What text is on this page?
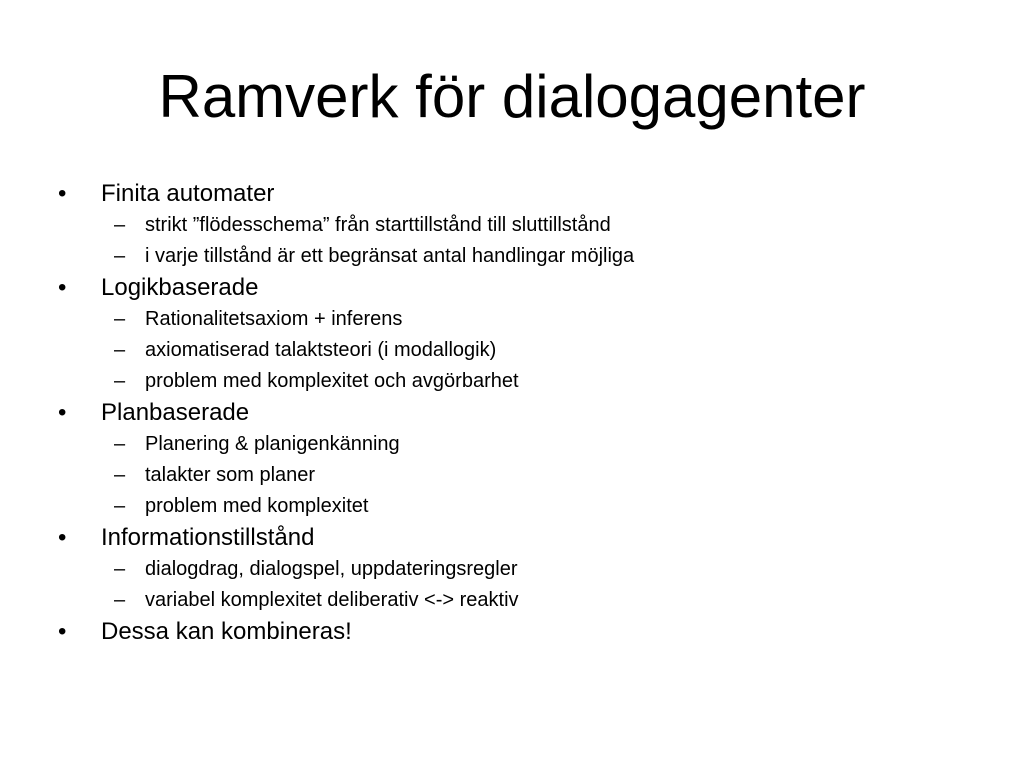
Ramverk för dialogagenter
•	Finita automater
– strikt ”flödesschema” från starttillstånd till sluttillstånd
– i varje tillstånd är ett begränsat antal handlingar möjliga
•	Logikbaserade
– Rationalitetsaxiom + inferens
– axiomatiserad talaktsteori (i modallogik)
– problem med komplexitet och avgörbarhet
•	Planbaserade
– Planering & planigenkänning
– talakter som planer
– problem med komplexitet
•	Informationstillstånd
– dialogdrag, dialogspel, uppdateringsregler
– variabel komplexitet deliberativ <-> reaktiv
•	Dessa kan kombineras!
